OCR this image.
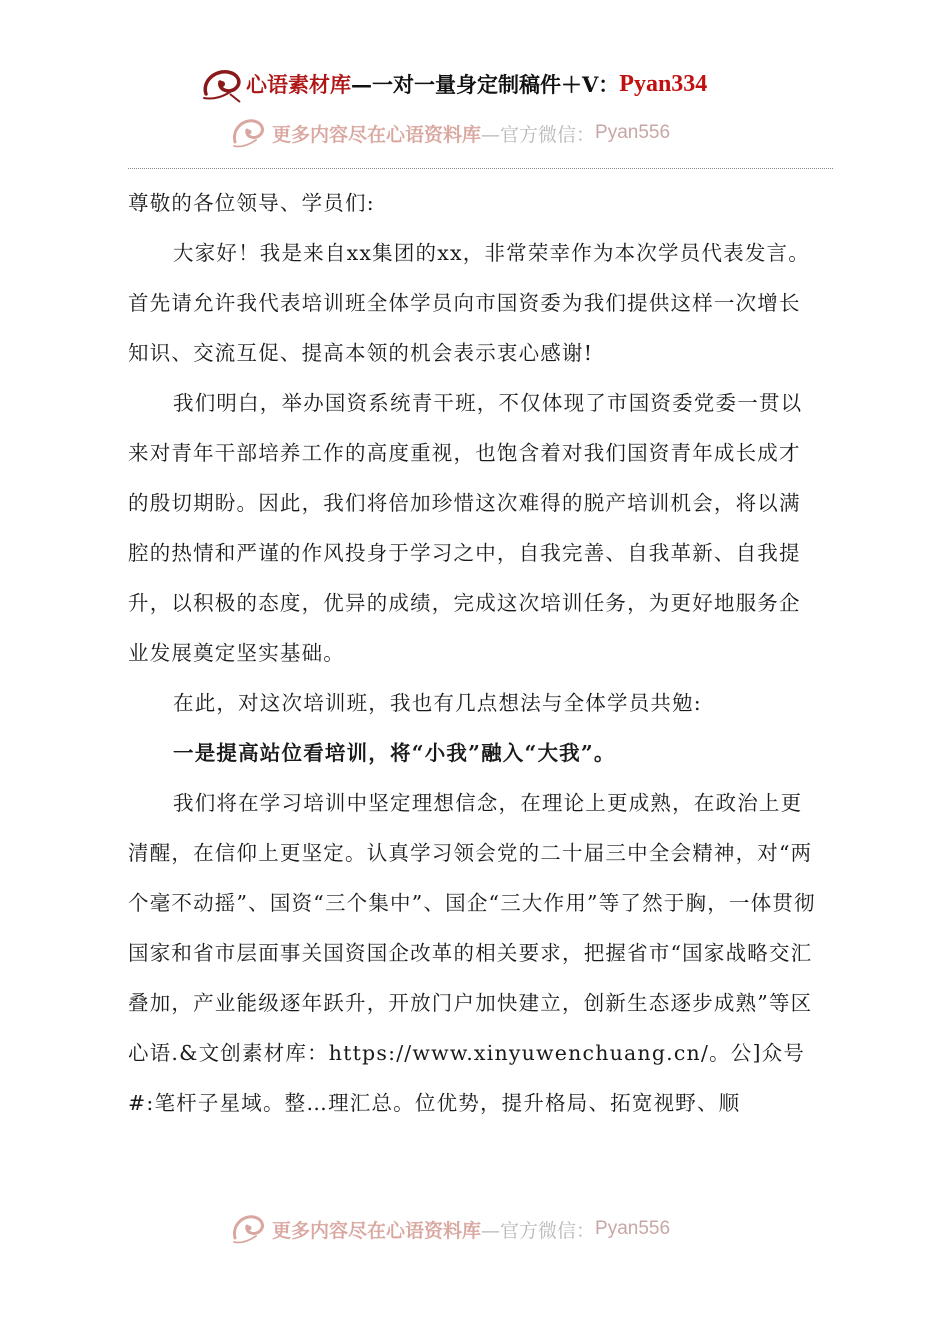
心语素材库 —一对一量身定制稿件＋V： Pyan334
更多内容尽在心语资料库 —官方微信： Pyan556

尊敬的各位领导、学员们:

大家好！我是来自xx集团的xx，非常荣幸作为本次学员代表发言。首先请允许我代表培训班全体学员向市国资委为我们提供这样一次增长知识、交流互促、提高本领的机会表示衷心感谢!

我们明白，举办国资系统青干班，不仅体现了市国资委党委一贯以来对青年干部培养工作的高度重视，也饱含着对我们国资青年成长成才的殷切期盼。因此，我们将倍加珍惜这次难得的脱产培训机会，将以满腔的热情和严谨的作风投身于学习之中，自我完善、自我革新、自我提升，以积极的态度，优异的成绩，完成这次培训任务，为更好地服务企业发展奠定坚实基础。

在此，对这次培训班，我也有几点想法与全体学员共勉:

一是提高站位看培训，将“小我”融入“大我”。

我们将在学习培训中坚定理想信念，在理论上更成熟，在政治上更清醒，在信仰上更坚定。认真学习领会党的二十届三中全会精神，对“两个毫不动摇”、国资“三个集中”、国企“三大作用”等了然于胸，一体贯彻国家和省市层面事关国资国企改革的相关要求，把握省市“国家战略交汇叠加，产业能级逐年跃升，开放门户加快建立，创新生态逐步成熟”等区心语.&文创素材库：https://www.xinyuwenchuang.cn/。公]众号#:笔杆子星域。整…理汇总。位优势，提升格局、拓宽视野、顺

更多内容尽在心语资料库 —官方微信： Pyan556
